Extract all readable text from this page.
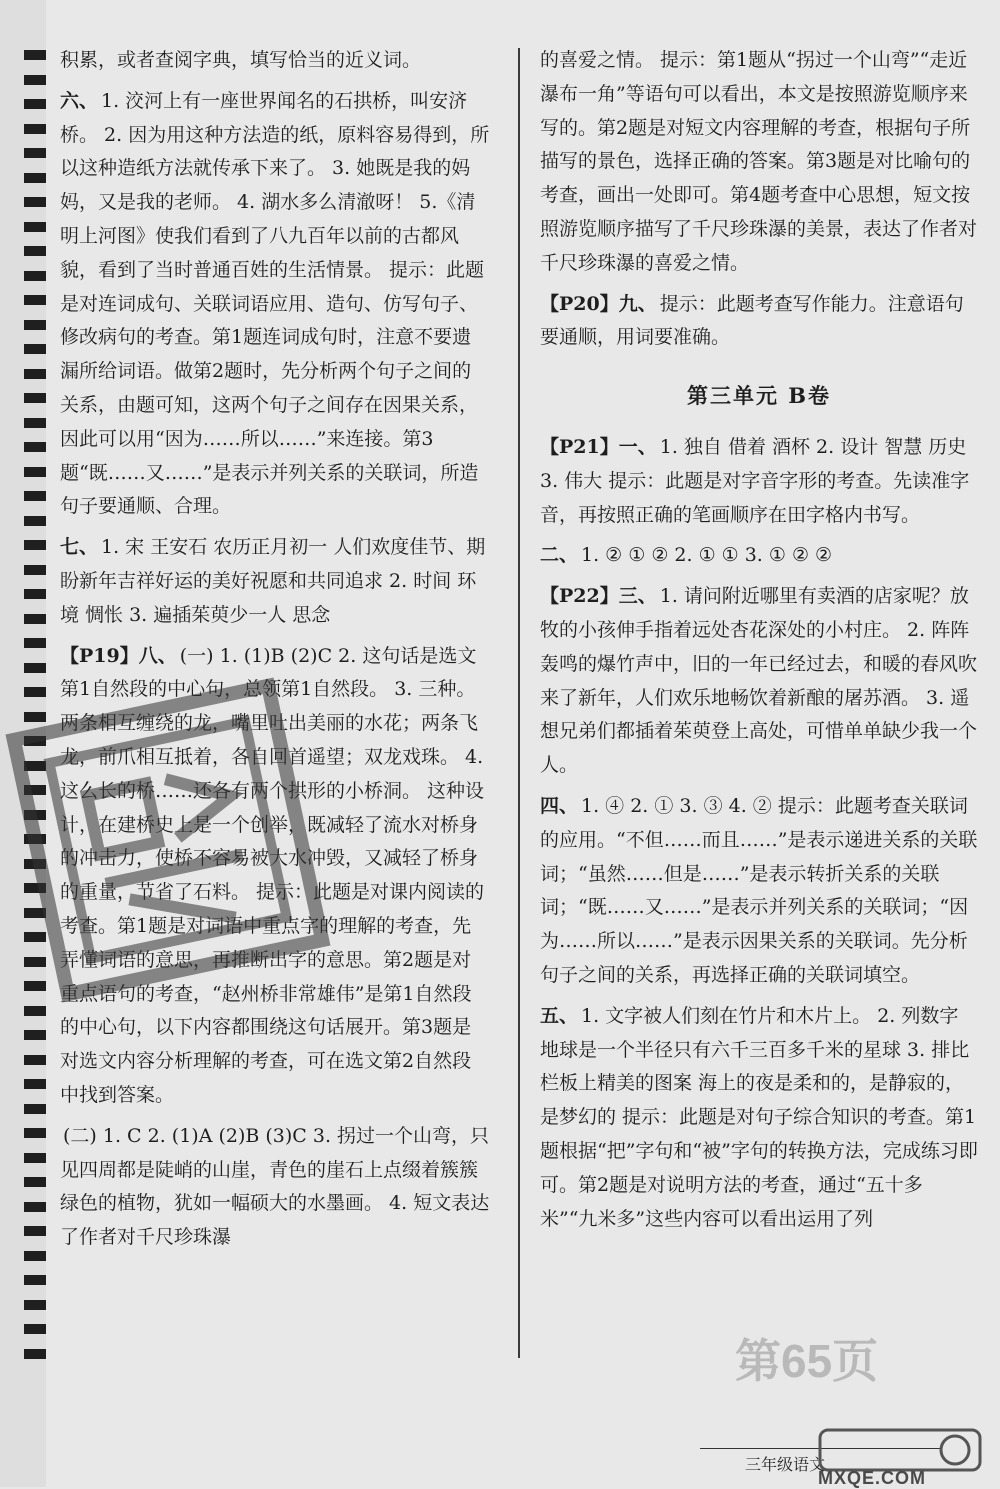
积累，或者查阅字典，填写恰当的近义词。

六、 1. 洨河上有一座世界闻名的石拱桥，叫安济桥。 2. 因为用这种方法造的纸，原料容易得到，所以这种造纸方法就传承下来了。 3. 她既是我的妈妈，又是我的老师。 4. 湖水多么清澈呀！ 5.《清明上河图》使我们看到了八九百年以前的古都风貌，看到了当时普通百姓的生活情景。 提示：此题是对连词成句、关联词语应用、造句、仿写句子、修改病句的考查。第1题连词成句时，注意不要遗漏所给词语。做第2题时，先分析两个句子之间的关系，由题可知，这两个句子之间存在因果关系，因此可以用“因为……所以……”来连接。第3题“既……又……”是表示并列关系的关联词，所造句子要通顺、合理。

七、 1. 宋 王安石 农历正月初一 人们欢度佳节、期盼新年吉祥好运的美好祝愿和共同追求 2. 时间 环境 惆怅 3. 遍插茱萸少一人 思念

【P19】八、 (一) 1. (1)B (2)C 2. 这句话是选文第1自然段的中心句，总领第1自然段。 3. 三种。两条相互缠绕的龙，嘴里吐出美丽的水花；两条飞龙，前爪相互抵着，各自回首遥望；双龙戏珠。 4. 这么长的桥……还各有两个拱形的小桥洞。 这种设计，在建桥史上是一个创举，既减轻了流水对桥身的冲击力，使桥不容易被大水冲毁，又减轻了桥身的重量，节省了石料。 提示：此题是对课内阅读的考查。第1题是对词语中重点字的理解的考查，先弄懂词语的意思，再推断出字的意思。第2题是对重点语句的考查，“赵州桥非常雄伟”是第1自然段的中心句，以下内容都围绕这句话展开。第3题是对选文内容分析理解的考查，可在选文第2自然段中找到答案。

(二) 1. C 2. (1)A (2)B (3)C 3. 拐过一个山弯，只见四周都是陡峭的山崖，青色的崖石上点缀着簇簇绿色的植物，犹如一幅硕大的水墨画。 4. 短文表达了作者对千尺珍珠瀑

的喜爱之情。 提示：第1题从“拐过一个山弯”“走近瀑布一角”等语句可以看出，本文是按照游览顺序来写的。第2题是对短文内容理解的考查，根据句子所描写的景色，选择正确的答案。第3题是对比喻句的考查，画出一处即可。第4题考查中心思想，短文按照游览顺序描写了千尺珍珠瀑的美景，表达了作者对千尺珍珠瀑的喜爱之情。

【P20】九、 提示：此题考查写作能力。注意语句要通顺，用词要准确。

第三单元 B卷

【P21】一、 1. 独自 借着 酒杯 2. 设计 智慧 历史 3. 伟大 提示：此题是对字音字形的考查。先读准字音，再按照正确的笔画顺序在田字格内书写。

二、 1. ② ① ② 2. ① ① 3. ① ② ②

【P22】三、 1. 请问附近哪里有卖酒的店家呢？放牧的小孩伸手指着远处杏花深处的小村庄。 2. 阵阵轰鸣的爆竹声中，旧的一年已经过去，和暖的春风吹来了新年，人们欢乐地畅饮着新酿的屠苏酒。 3. 遥想兄弟们都插着茱萸登上高处，可惜单单缺少我一个人。

四、 1. ④ 2. ① 3. ③ 4. ② 提示：此题考查关联词的应用。“不但……而且……”是表示递进关系的关联词；“虽然……但是……”是表示转折关系的关联词；“既……又……”是表示并列关系的关联词；“因为……所以……”是表示因果关系的关联词。先分析句子之间的关系，再选择正确的关联词填空。

五、 1. 文字被人们刻在竹片和木片上。 2. 列数字 地球是一个半径只有六千三百多千米的星球 3. 排比 栏板上精美的图案 海上的夜是柔和的，是静寂的，是梦幻的 提示：此题是对句子综合知识的考查。第1题根据“把”字句和“被”字句的转换方法，完成练习即可。第2题是对说明方法的考查，通过“五十多米”“九米多”这些内容可以看出运用了列

第65页
三年级语文
MXQE.COM
